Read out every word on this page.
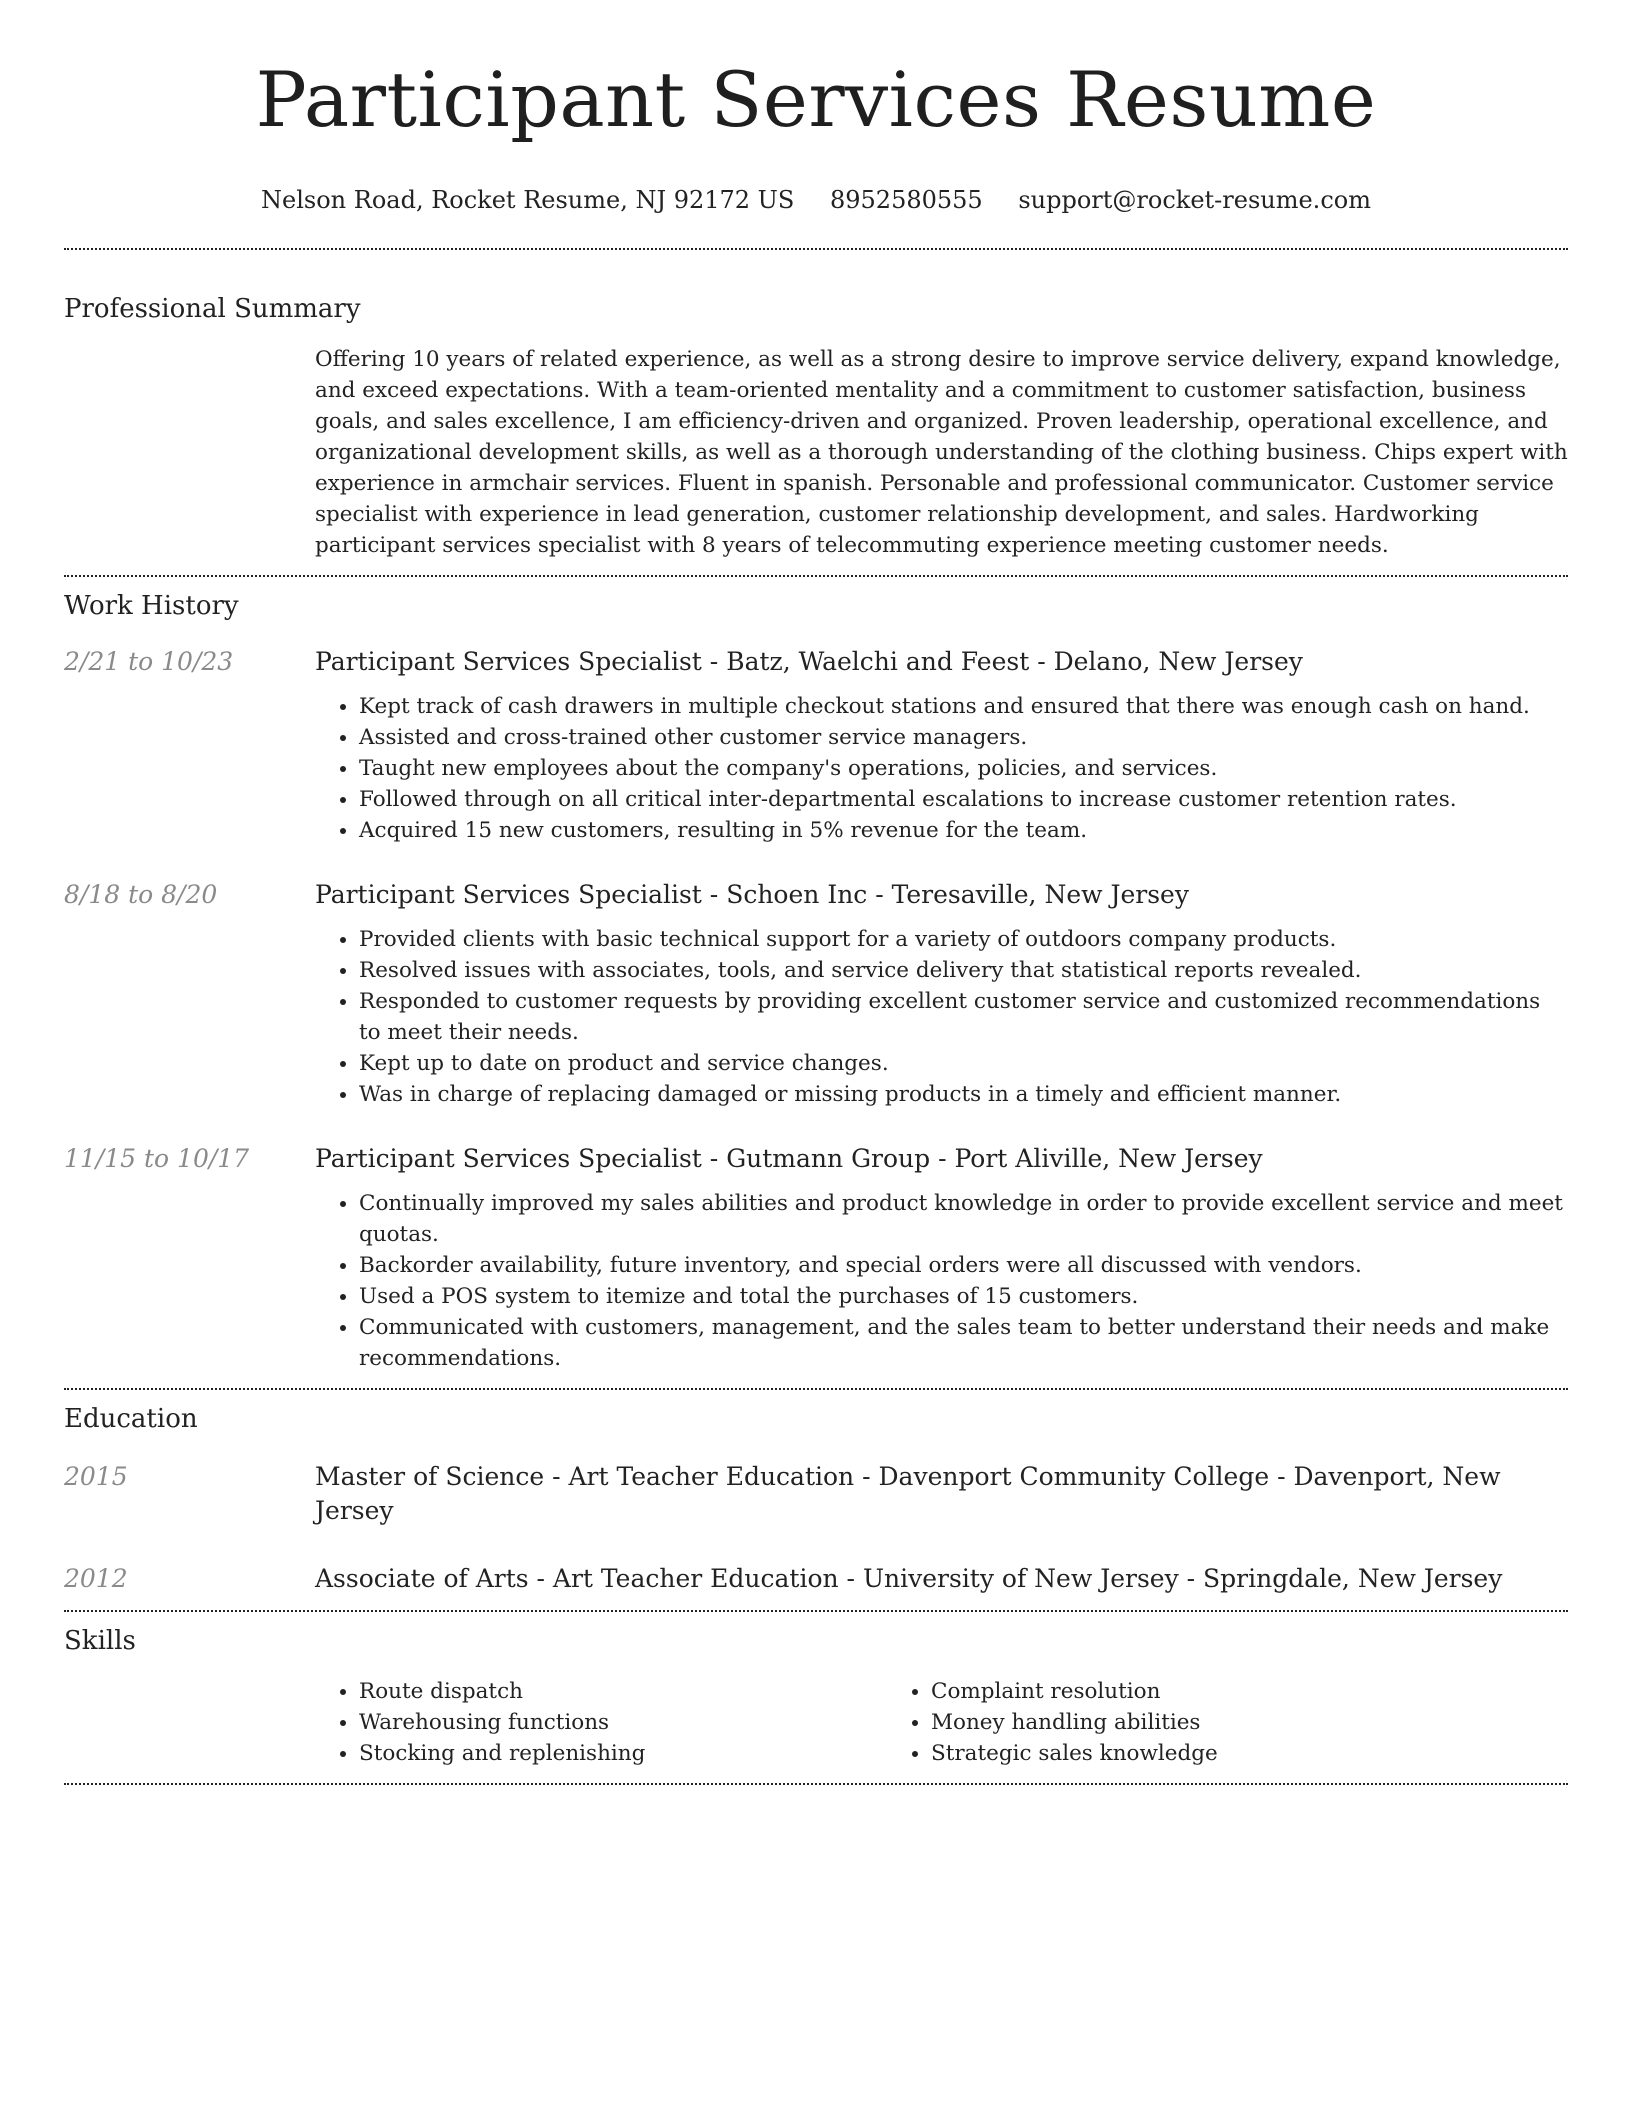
Participant Services Resume
Nelson Road, Rocket Resume, NJ 92172 US 8952580555 support@rocket-resume.com
Professional Summary

Offering 10 years of related experience, as well as a strong desire to improve service delivery, expand knowledge, and exceed expectations. With a team-oriented mentality and a commitment to customer satisfaction, business goals, and sales excellence, I am efficiency-driven and organized. Proven leadership, operational excellence, and organizational development skills, as well as a thorough understanding of the clothing business. Chips expert with experience in armchair services. Fluent in spanish. Personable and professional communicator. Customer service specialist with experience in lead generation, customer relationship development, and sales. Hardworking participant services specialist with 8 years of telecommuting experience meeting customer needs.

Work History
2/21 to 10/23	Participant Services Specialist - Batz, Waelchi and Feest - Delano, New Jersey

• Kept track of cash drawers in multiple checkout stations and ensured that there was enough cash on hand.
• Assisted and cross-trained other customer service managers.
• Taught new employees about the company's operations, policies, and services.
• Followed through on all critical inter-departmental escalations to increase customer retention rates.
• Acquired 15 new customers, resulting in 5% revenue for the team.
8/18 to 8/20	Participant Services Specialist - Schoen Inc - Teresaville, New Jersey

• Provided clients with basic technical support for a variety of outdoors company products.
• Resolved issues with associates, tools, and service delivery that statistical reports revealed.
• Responded to customer requests by providing excellent customer service and customized recommendations to meet their needs.
• Kept up to date on product and service changes.
• Was in charge of replacing damaged or missing products in a timely and efficient manner.
11/15 to 10/17	Participant Services Specialist - Gutmann Group - Port Aliville, New Jersey

• Continually improved my sales abilities and product knowledge in order to provide excellent service and meet quotas.
• Backorder availability, future inventory, and special orders were all discussed with vendors.
• Used a POS system to itemize and total the purchases of 15 customers.
• Communicated with customers, management, and the sales team to better understand their needs and make recommendations.
Education
2015	Master of Science - Art Teacher Education - Davenport Community College - Davenport, New Jersey

2012	Associate of Arts - Art Teacher Education - University of New Jersey - Springdale, New Jersey

Skills
• Route dispatch
• Warehousing functions
• Stocking and replenishing
• Complaint resolution
• Money handling abilities
• Strategic sales knowledge
